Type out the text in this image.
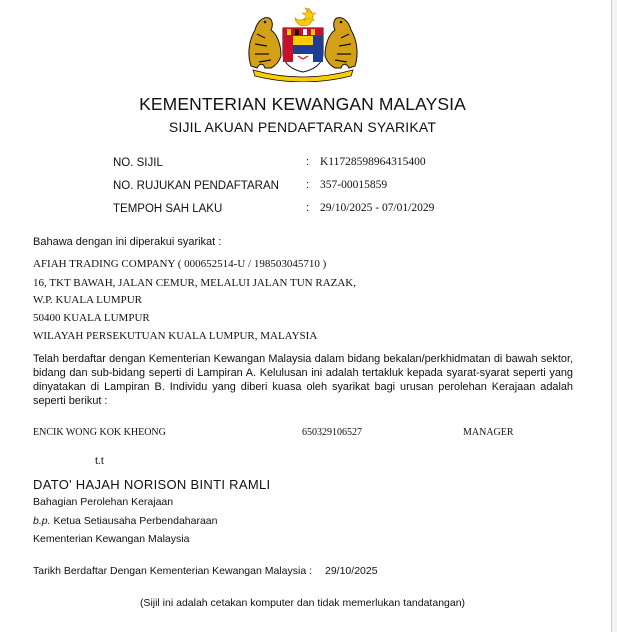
KEMENTERIAN KEWANGAN MALAYSIA
SIJIL AKUAN PENDAFTARAN SYARIKAT
NO. SIJIL	: K11728598964315400
NO. RUJUKAN PENDAFTARAN : 357-00015859
TEMPOH SAH LAKU	: 29/10/2025 - 07/01/2029
Bahawa dengan ini diperakui syarikat :
AFIAH TRADING COMPANY ( 000652514-U / 198503045710 )
16, TKT BAWAH, JALAN CEMUR, MELALUI JALAN TUN RAZAK,
W.P. KUALA LUMPUR
50400 KUALA LUMPUR
WILAYAH PERSEKUTUAN KUALA LUMPUR, MALAYSIA
Telah berdaftar dengan Kementerian Kewangan Malaysia dalam bidang bekalan/perkhidmatan di bawah sektor, bidang dan sub-bidang seperti di Lampiran A. Kelulusan ini adalah tertakluk kepada syarat-syarat seperti yang dinyatakan di Lampiran B. Individu yang diberi kuasa oleh syarikat bagi urusan perolehan Kerajaan adalah seperti berikut :
ENCIK WONG KOK KHEONG	650329106527	MANAGER
t.t
DATO' HAJAH NORISON BINTI RAMLI
Bahagian Perolehan Kerajaan
b.p. Ketua Setiausaha Perbendaharaan
Kementerian Kewangan Malaysia
Tarikh Berdaftar Dengan Kementerian Kewangan Malaysia : 29/10/2025
(Sijil ini adalah cetakan komputer dan tidak memerlukan tandatangan)
